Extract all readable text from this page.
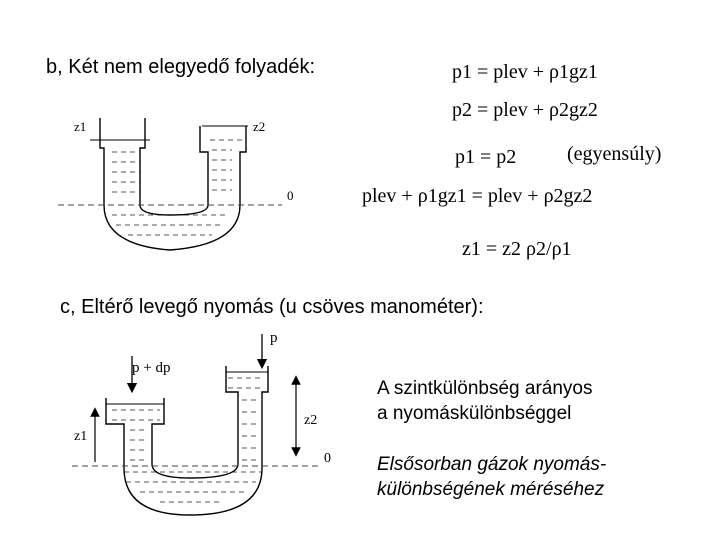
b, Két nem elegyedő folyadék:
c, Eltérő levegő nyomás (u csöves manométer):
A szintkülönbség arányos
a nyomáskülönbséggel
Elsősorban gázok nyomás-
különbségének méréséhez
z1	z2
0
p1 = plev + ρ1gz1
p2 = plev + ρ2gz2
p1 = p2	(egyensúly)
plev + ρ1gz1 = plev + ρ2gz2
z1 = z2 ρ2/ρ1
p + dp
p
z1
z2
0
